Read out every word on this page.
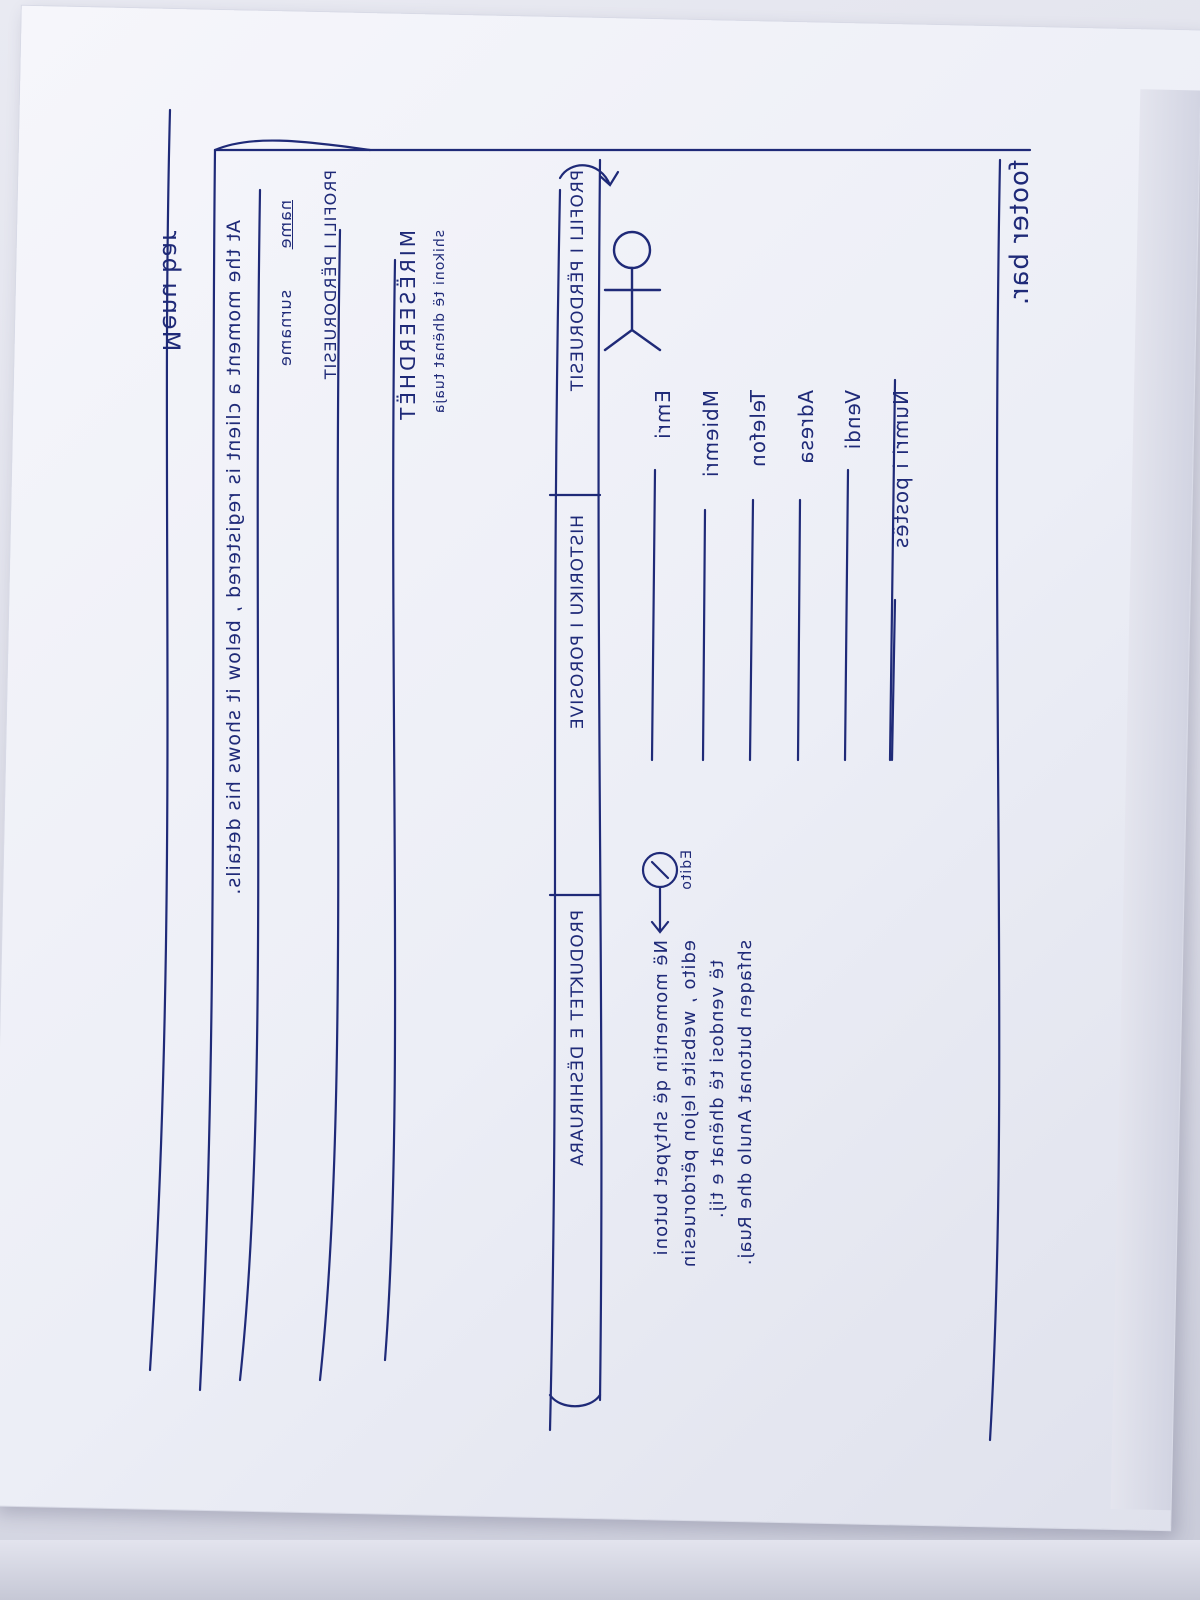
Menu bar At the moment a client is registered , below it shows his details. name
surname PROFILI I PËRDORUESIT	MIRËSEERDHËT shikoni të dhënat tuaja	PROFILI I PËRDORUESIT
HISTORIKU I POROSIVE
PRODUKTET E DËSHIRUARA
Emri Mbiemri Telefon Adresa Vendi Numri i postës
Edito
Në momentin që shtypet butoni edito , website lejon përdoruesin të vendosi të dhënat e tij. shfaqen butonat Anulo dhe Ruaj.
footer bar.
